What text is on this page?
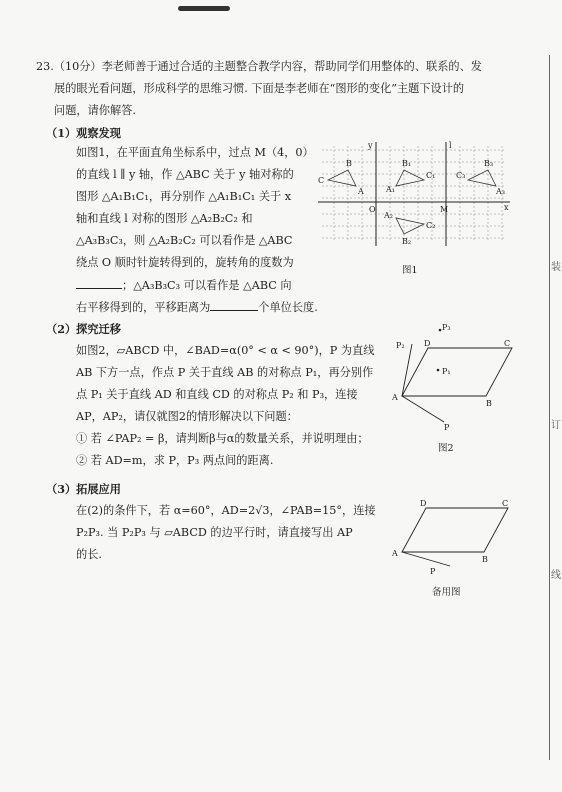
装
订
线
23.（10分）李老师善于通过合适的主题整合教学内容，帮助同学们用整体的、联系的、发
展的眼光看问题，形成科学的思维习惯. 下面是李老师在“图形的变化”主题下设计的
问题，请你解答.
（1）观察发现
如图1，在平面直角坐标系中，过点 M（4，0）
的直线 l ∥ y 轴，作 △ABC 关于 y 轴对称的
图形 △A₁B₁C₁，再分别作 △A₁B₁C₁ 关于 x
轴和直线 l 对称的图形 △A₂B₂C₂ 和
△A₃B₃C₃，则 △A₂B₂C₂ 可以看作是 △ABC
绕点 O 顺时针旋转得到的，旋转角的度数为
；△A₃B₃C₃ 可以看作是 △ABC 向
右平移得到的，平移距离为	个单位长度.
y	l
x
O	M
A
B
C
A₁
B₁
C₁
A₂
B₂
C₂
A₃
B₃
C₃
图1
（2）探究迁移
如图2，▱ABCD 中，∠BAD=α(0° < α < 90°)，P 为直线
AB 下方一点，作点 P 关于直线 AB 的对称点 P₁，再分别作
点 P₁ 关于直线 AD 和直线 CD 的对称点 P₂ 和 P₃，连接
AP，AP₂，请仅就图2的情形解决以下问题：
① 若 ∠PAP₂ = β，请判断β与α的数量关系，并说明理由；
② 若 AD=m，求 P，P₃ 两点间的距离.
P₃
P₂ D	C
P₁
A
B
P
图2
（3）拓展应用
在(2)的条件下，若 α=60°，AD=2√3，∠PAB=15°，连接
P₂P₃. 当 P₂P₃ 与 ▱ABCD 的边平行时，请直接写出 AP
的长.
D	C
A
B
P
备用图
